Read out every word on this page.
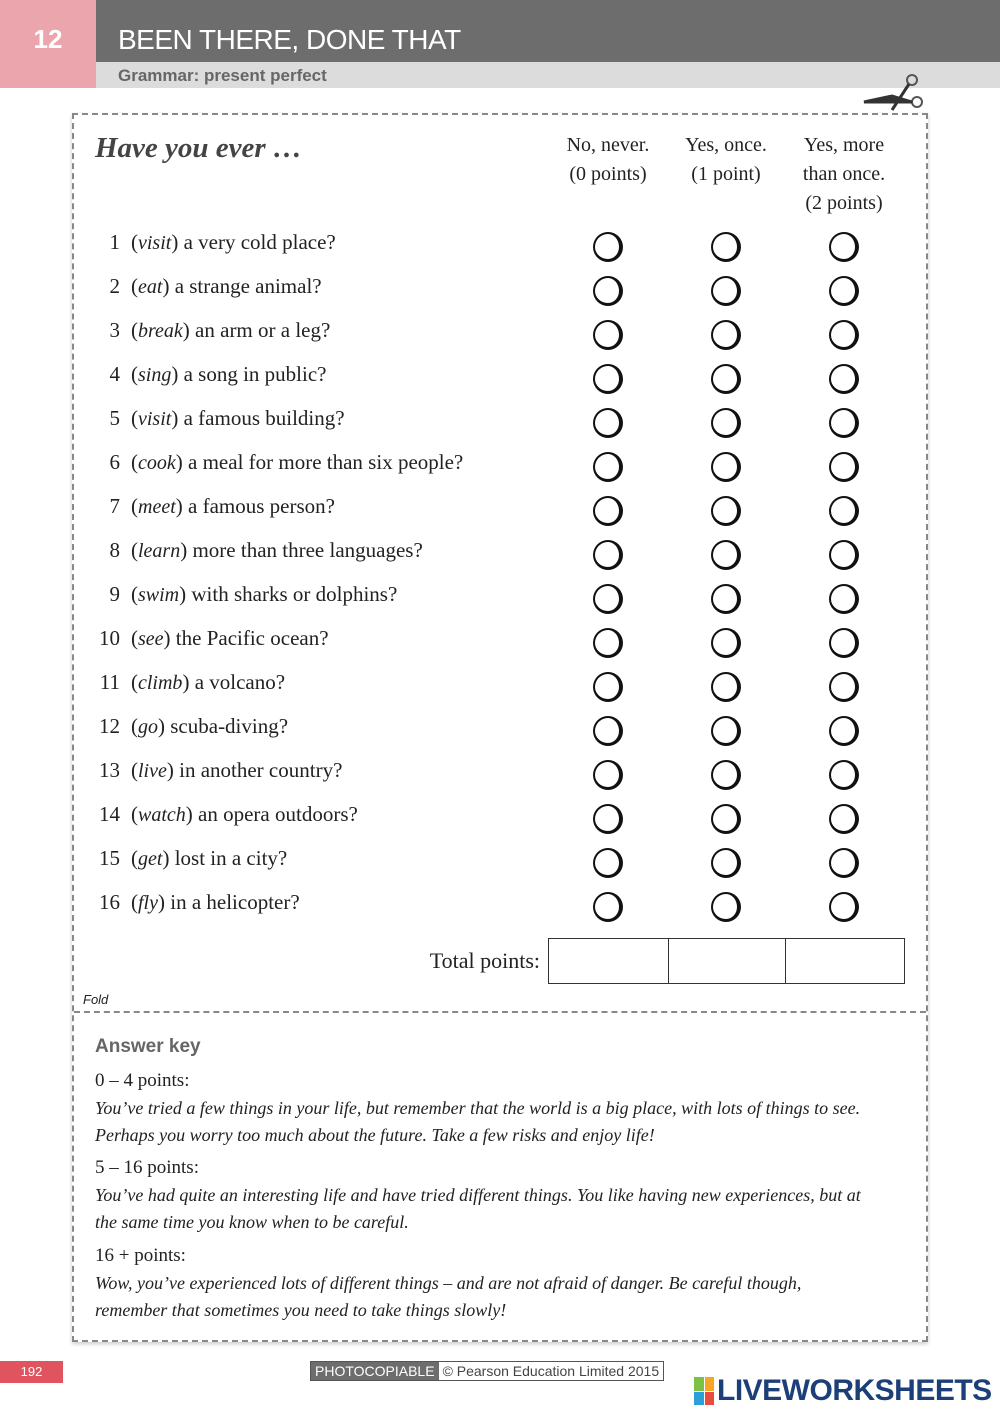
12	BEEN THERE, DONE THAT
Grammar: present perfect
Have you ever …	No, never.
(0 points)

Yes, once.
(1 point)

Yes, more
than once.
(2 points)
1 (visit) a very cold place?
2 (eat) a strange animal?
3 (break) an arm or a leg?
4 (sing) a song in public?
5 (visit) a famous building?
6 (cook) a meal for more than six people?
7 (meet) a famous person?
8 (learn) more than three languages?
9 (swim) with sharks or dolphins?
10 (see) the Pacific ocean?
11 (climb) a volcano?
12 (go) scuba-diving?
13 (live) in another country?
14 (watch) an opera outdoors?
15 (get) lost in a city?
16 (fly) in a helicopter?
Total points:
Fold
Answer key
0 – 4 points:
You’ve tried a few things in your life, but remember that the world is a big place, with lots of things to see. Perhaps you worry too much about the future. Take a few risks and enjoy life!
5 – 16 points:
You’ve had quite an interesting life and have tried different things. You like having new experiences, but at the same time you know when to be careful.
16 + points:
Wow, you’ve experienced lots of different things – and are not afraid of danger. Be careful though, remember that sometimes you need to take things slowly!
192	PHOTOCOPIABLE © Pearson Education Limited 2015
LIVEWORKSHEETS
